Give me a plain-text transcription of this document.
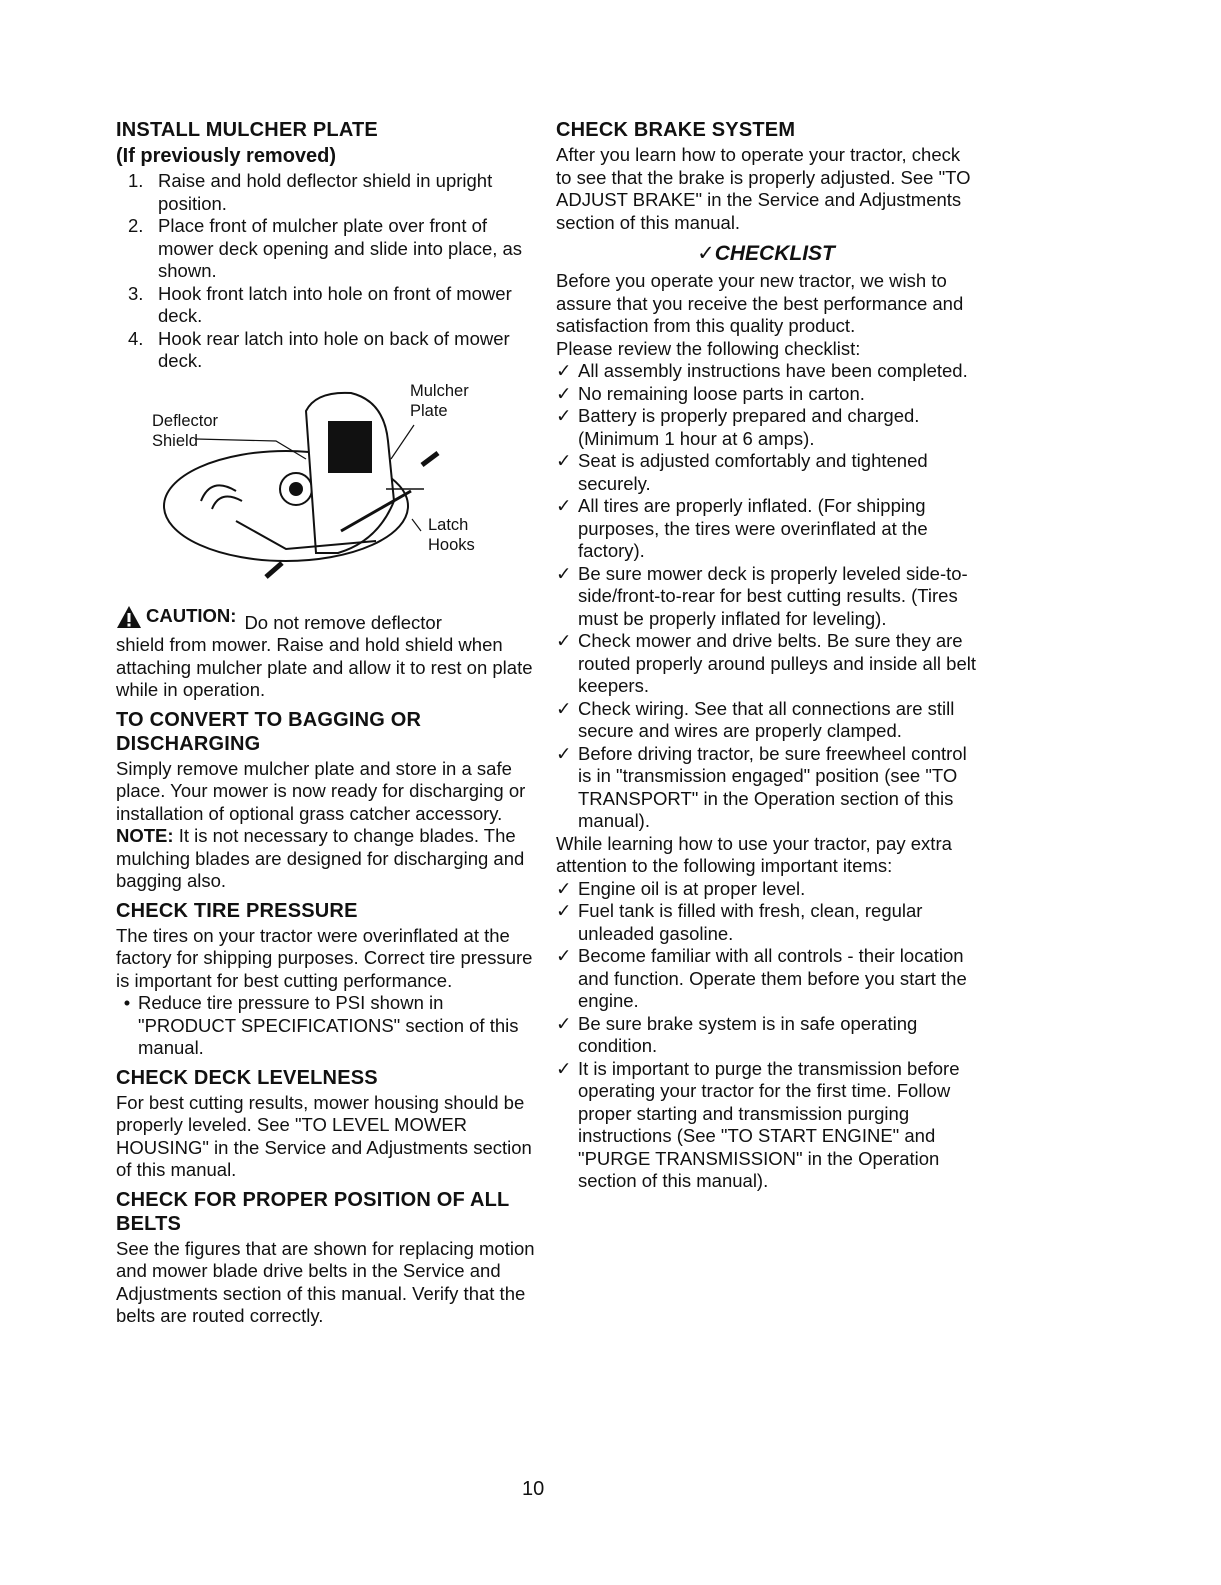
INSTALL MULCHER PLATE
(If previously removed)
1. Raise and hold deflector shield in upright position.
2. Place front of mulcher plate over front of mower deck opening and slide into place, as shown.
3. Hook front latch into hole on front of mower deck.
4. Hook rear latch into hole on back of mower deck.
Deflector
Shield
Mulcher
Plate
Latch
Hooks
CAUTION: Do not remove deflector
shield from mower. Raise and hold shield when attaching mulcher plate and allow it to rest on plate while in operation.
TO CONVERT TO BAGGING OR DISCHARGING

Simply remove mulcher plate and store in a safe place. Your mower is now ready for discharging or installation of optional grass catcher accessory.

NOTE: It is not necessary to change blades. The mulching blades are designed for discharging and bagging also.

CHECK TIRE PRESSURE

The tires on your tractor were overinflated at the factory for shipping purposes. Correct tire pressure is important for best cutting performance.

• Reduce tire pressure to PSI shown in "PRODUCT SPECIFICATIONS" section of this manual.
CHECK DECK LEVELNESS

For best cutting results, mower housing should be properly leveled. See "TO LEVEL MOWER HOUSING" in the Service and Adjustments section of this manual.

CHECK FOR PROPER POSITION OF ALL BELTS

See the figures that are shown for replacing motion and mower blade drive belts in the Service and Adjustments section of this manual. Verify that the belts are routed correctly.

CHECK BRAKE SYSTEM

After you learn how to operate your tractor, check to see that the brake is properly adjusted. See "TO ADJUST BRAKE" in the Service and Adjustments section of this manual.

✓CHECKLIST

Before you operate your new tractor, we wish to assure that you receive the best performance and satisfaction from this quality product.

Please review the following checklist:

✓ All assembly instructions have been completed.
✓ No remaining loose parts in carton.
✓ Battery is properly prepared and charged. (Minimum 1 hour at 6 amps).
✓ Seat is adjusted comfortably and tightened securely.
✓ All tires are properly inflated. (For shipping purposes, the tires were overinflated at the factory).
✓ Be sure mower deck is properly leveled side-to-side/front-to-rear for best cutting results. (Tires must be properly inflated for leveling).
✓ Check mower and drive belts. Be sure they are routed properly around pulleys and inside all belt keepers.
✓ Check wiring. See that all connections are still secure and wires are properly clamped.
✓ Before driving tractor, be sure freewheel control is in "transmission engaged" position (see "TO TRANSPORT" in the Operation section of this manual).

While learning how to use your tractor, pay extra attention to the following important items:

✓ Engine oil is at proper level.
✓ Fuel tank is filled with fresh, clean, regular unleaded gasoline.
✓ Become familiar with all controls - their location and function. Operate them before you start the engine.
✓ Be sure brake system is in safe operating condition.
✓ It is important to purge the transmission before operating your tractor for the first time. Follow proper starting and transmission purging instructions (See "TO START ENGINE" and "PURGE TRANSMISSION" in the Operation section of this manual).
10
